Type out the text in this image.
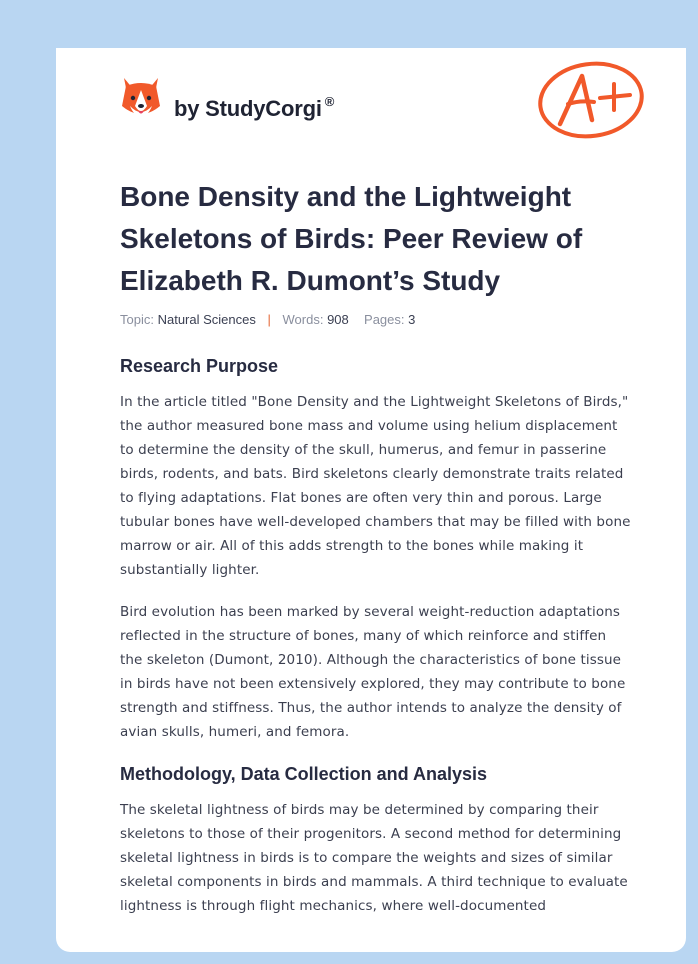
by StudyCorgi ®
Bone Density and the Lightweight Skeletons of Birds: Peer Review of Elizabeth R. Dumont’s Study
Topic: Natural Sciences | Words: 908 Pages: 3
Research Purpose

In the article titled "Bone Density and the Lightweight Skeletons of Birds," the author measured bone mass and volume using helium displacement to determine the density of the skull, humerus, and femur in passerine birds, rodents, and bats. Bird skeletons clearly demonstrate traits related to flying adaptations. Flat bones are often very thin and porous. Large tubular bones have well-developed chambers that may be filled with bone marrow or air. All of this adds strength to the bones while making it substantially lighter.

Bird evolution has been marked by several weight-reduction adaptations reflected in the structure of bones, many of which reinforce and stiffen the skeleton (Dumont, 2010). Although the characteristics of bone tissue in birds have not been extensively explored, they may contribute to bone strength and stiffness. Thus, the author intends to analyze the density of avian skulls, humeri, and femora.

Methodology, Data Collection and Analysis

The skeletal lightness of birds may be determined by comparing their skeletons to those of their progenitors. A second method for determining skeletal lightness in birds is to compare the weights and sizes of similar skeletal components in birds and mammals. A third technique to evaluate lightness is through flight mechanics, where well-documented
